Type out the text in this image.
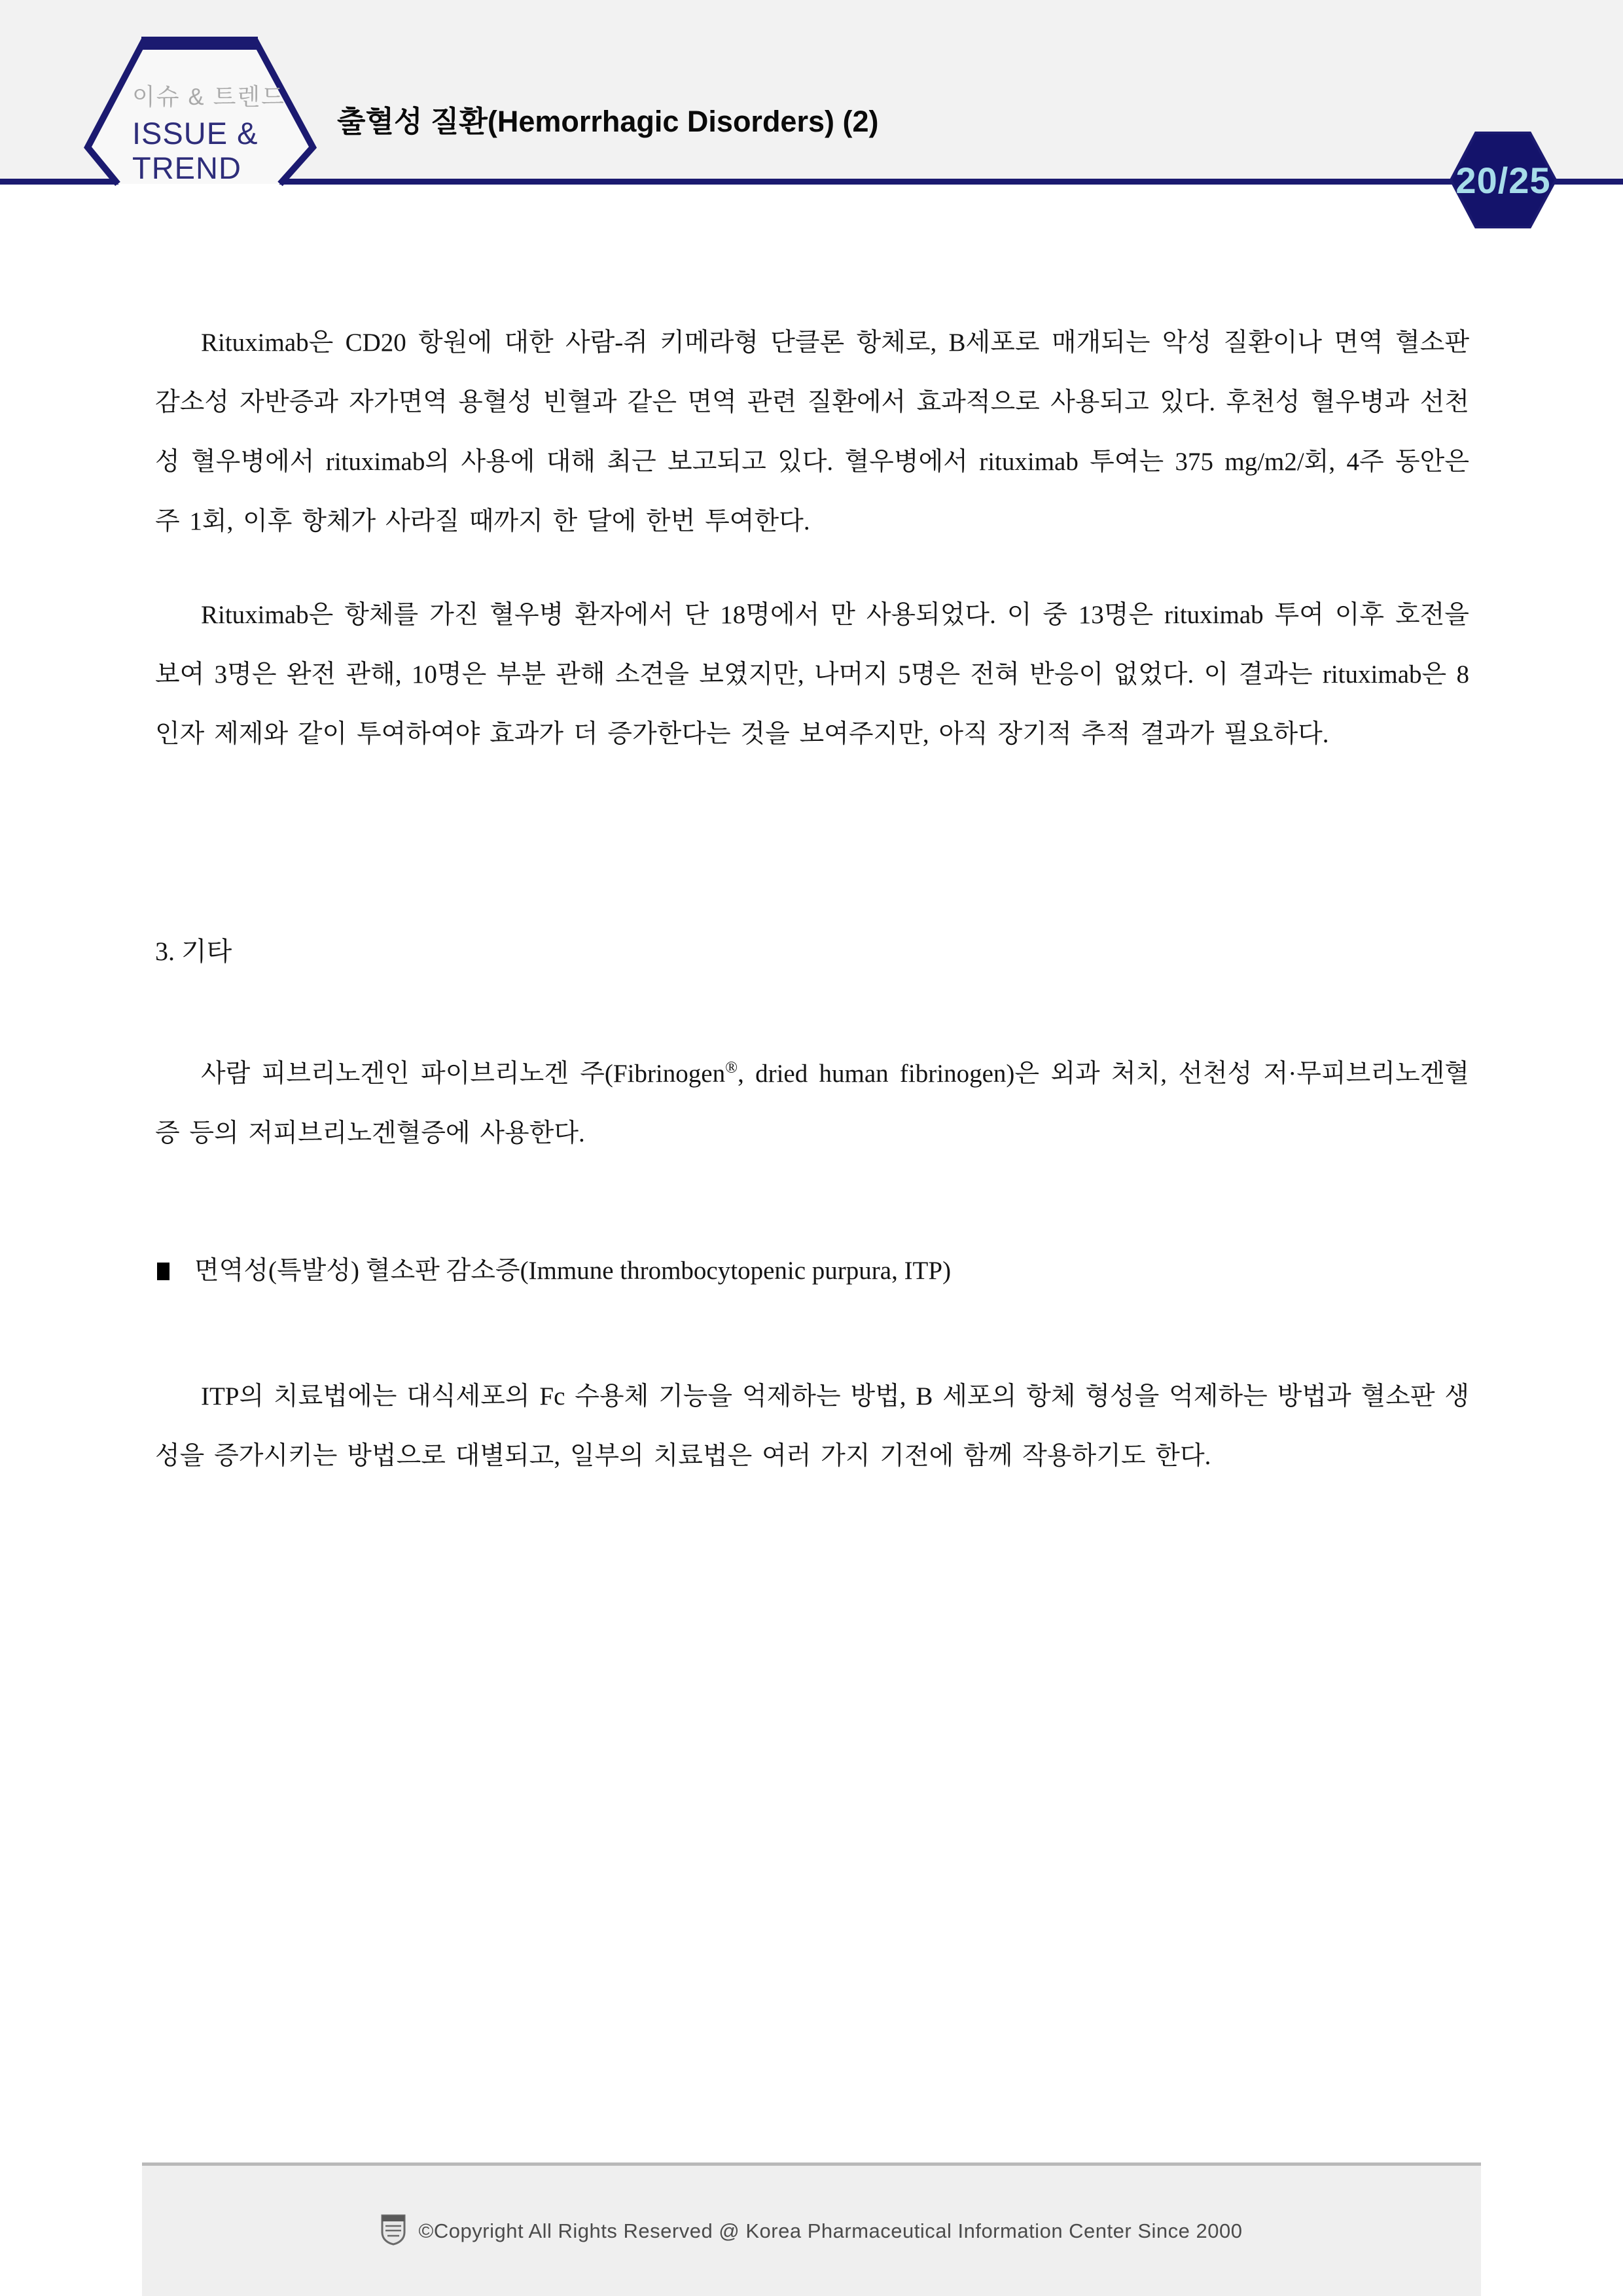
이슈 & 트렌드
ISSUE &
TREND
출혈성 질환(Hemorrhagic Disorders) (2)
20/25

Rituximab은 CD20 항원에 대한 사람-쥐 키메라형 단클론 항체로, B세포로 매개되는 악성 질환이나 면역 혈소판 감소성 자반증과 자가면역 용혈성 빈혈과 같은 면역 관련 질환에서 효과적으로 사용되고 있다. 후천성 혈우병과 선천성 혈우병에서 rituximab의 사용에 대해 최근 보고되고 있다. 혈우병에서 rituximab 투여는 375 mg/m2/회, 4주 동안은 주 1회, 이후 항체가 사라질 때까지 한 달에 한번 투여한다.

Rituximab은 항체를 가진 혈우병 환자에서 단 18명에서 만 사용되었다. 이 중 13명은 rituximab 투여 이후 호전을 보여 3명은 완전 관해, 10명은 부분 관해 소견을 보였지만, 나머지 5명은 전혀 반응이 없었다. 이 결과는 rituximab은 8 인자 제제와 같이 투여하여야 효과가 더 증가한다는 것을 보여주지만, 아직 장기적 추적 결과가 필요하다.

3. 기타

사람 피브리노겐인 파이브리노겐 주(Fibrinogen®, dried human fibrinogen)은 외과 처치, 선천성 저·무피브리노겐혈증 등의 저피브리노겐혈증에 사용한다.

면역성(특발성) 혈소판 감소증(Immune thrombocytopenic purpura, ITP)

ITP의 치료법에는 대식세포의 Fc 수용체 기능을 억제하는 방법, B 세포의 항체 형성을 억제하는 방법과 혈소판 생성을 증가시키는 방법으로 대별되고, 일부의 치료법은 여러 가지 기전에 함께 작용하기도 한다.

©Copyright All Rights Reserved @ Korea Pharmaceutical Information Center Since 2000
